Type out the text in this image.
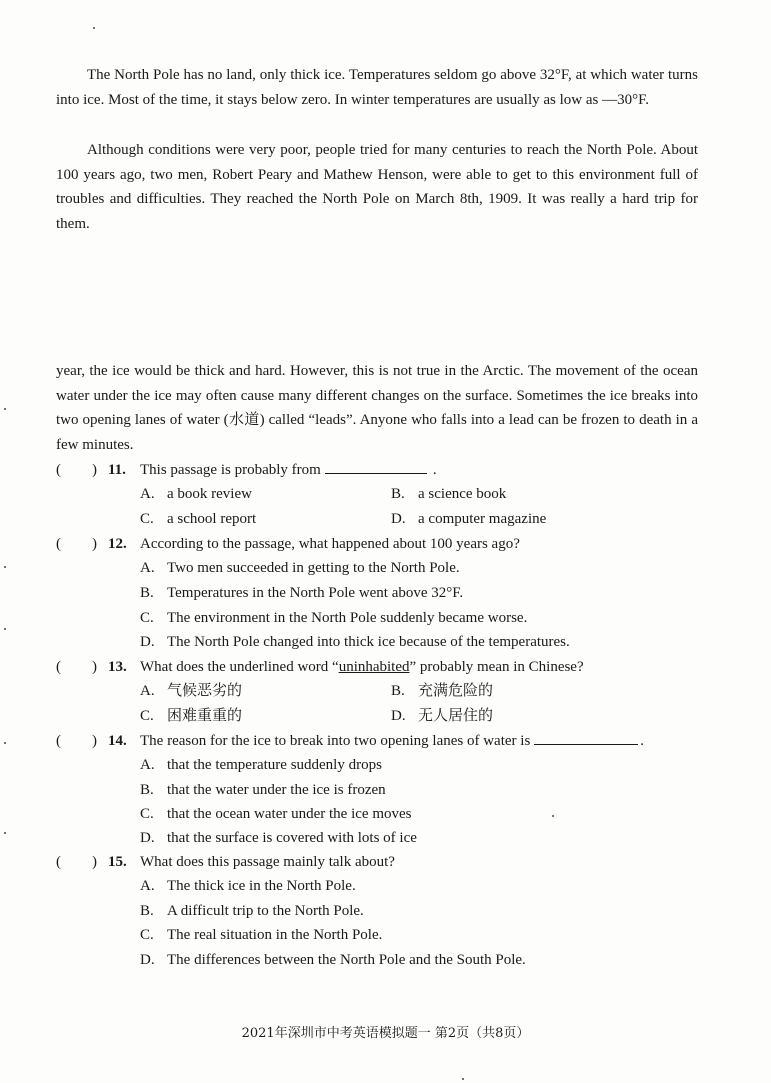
The North Pole has no land, only thick ice. Temperatures seldom go above 32°F, at which water turns into ice. Most of the time, it stays below zero. In winter temperatures are usually as low as —30°F.

Although conditions were very poor, people tried for many centuries to reach the North Pole. About 100 years ago, two men, Robert Peary and Mathew Henson, were able to get to this environment full of troubles and difficulties. They reached the North Pole on March 8th, 1909. It was really a hard trip for them.

year, the ice would be thick and hard. However, this is not true in the Arctic. The movement of the ocean water under the ice may often cause many different changes on the surface. Sometimes the ice breaks into two opening lanes of water (水道) called “leads”. Anyone who falls into a lead can be frozen to death in a few minutes.

( ) 11. This passage is probably from	.
A. a book review	B. a science book
C. a school report	D. a computer magazine
( ) 12. According to the passage, what happened about 100 years ago?
A. Two men succeeded in getting to the North Pole.
B. Temperatures in the North Pole went above 32°F.
C. The environment in the North Pole suddenly became worse.
D. The North Pole changed into thick ice because of the temperatures.
( ) 13. What does the underlined word “uninhabited” probably mean in Chinese?
A. 气候恶劣的	B. 充满危险的
C. 困难重重的	D. 无人居住的
( ) 14. The reason for the ice to break into two opening lanes of water is	.
A. that the temperature suddenly drops
B. that the water under the ice is frozen
C. that the ocean water under the ice moves
D. that the surface is covered with lots of ice
( ) 15. What does this passage mainly talk about?
A. The thick ice in the North Pole.
B. A difficult trip to the North Pole.
C. The real situation in the North Pole.
D. The differences between the North Pole and the South Pole.
2021年深圳市中考英语模拟题一 第2页（共8页）
